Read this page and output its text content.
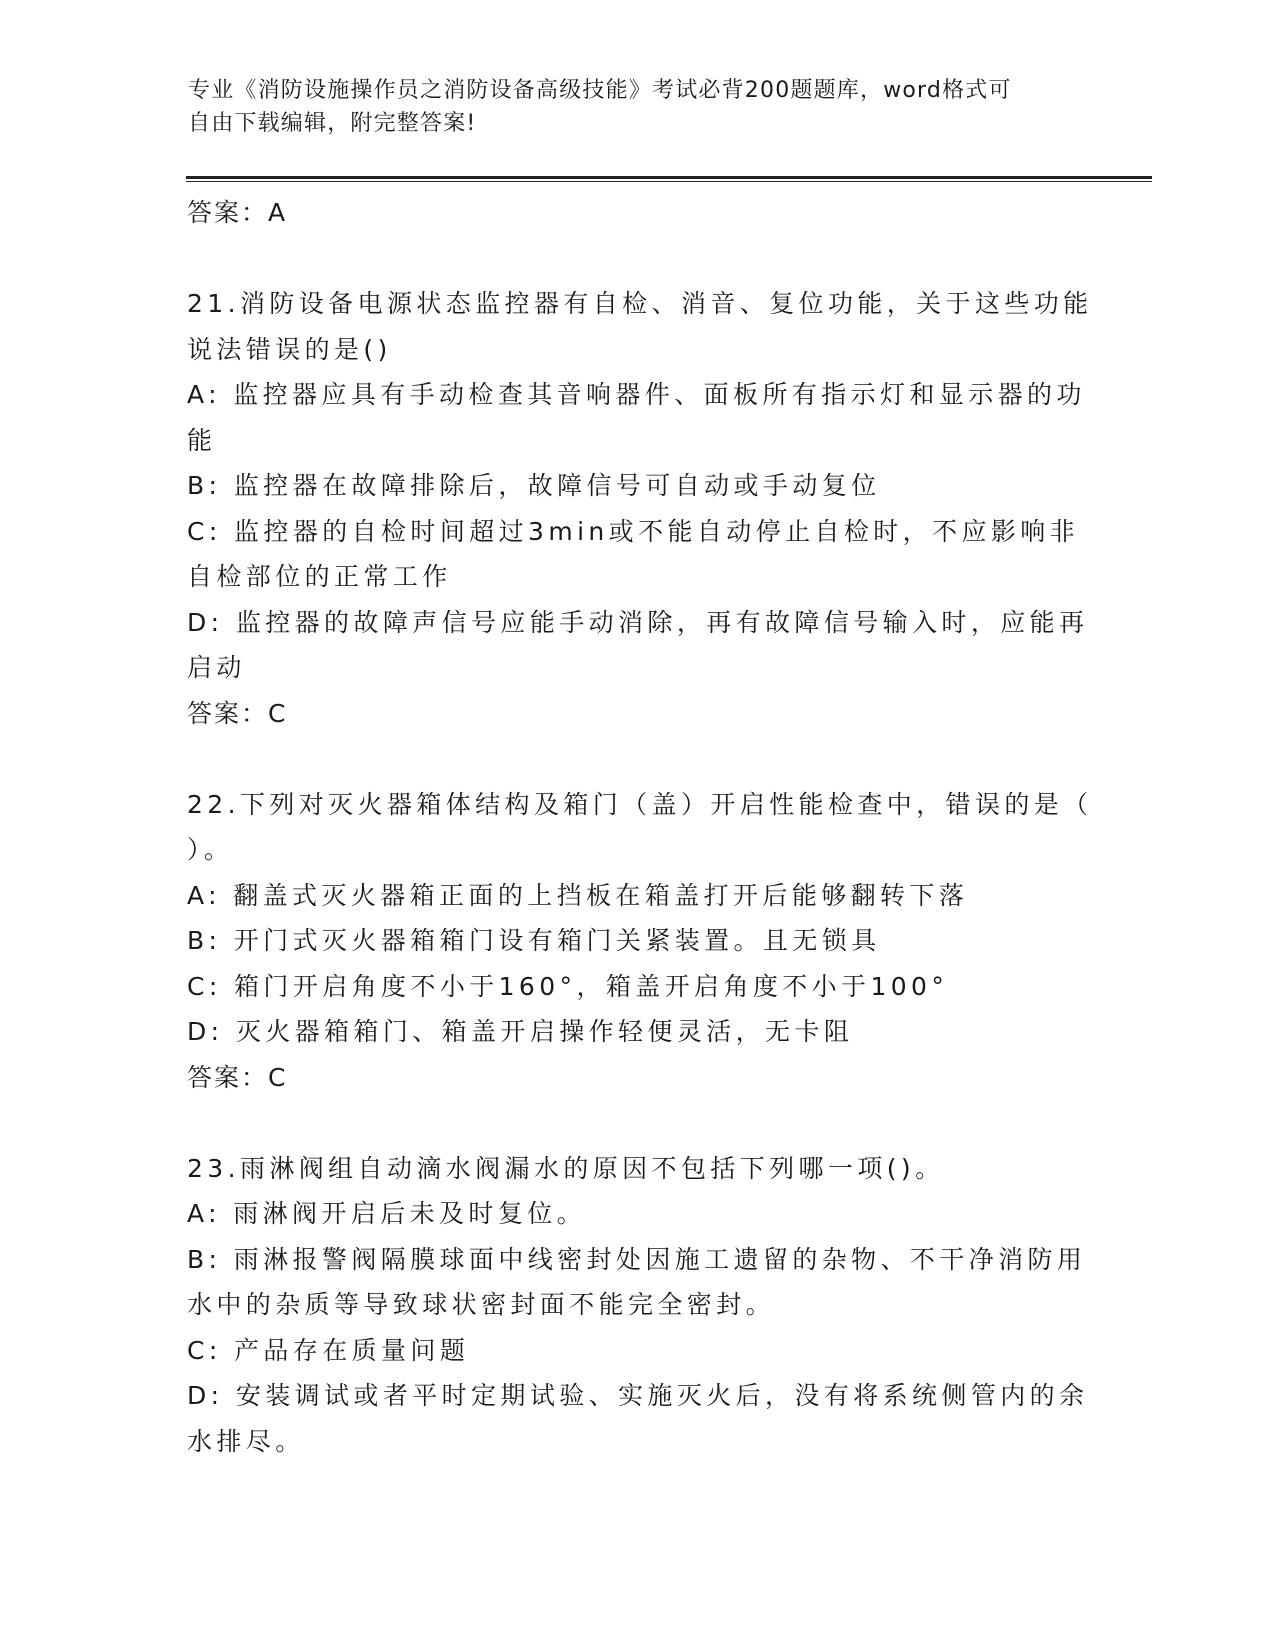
专业《消防设施操作员之消防设备高级技能》考试必背200题题库，word格式可
自由下载编辑，附完整答案!
答案：A
21.消防设备电源状态监控器有自检、消音、复位功能，关于这些功能
说法错误的是()
A: 监控器应具有手动检查其音响器件、面板所有指示灯和显示器的功
能
B: 监控器在故障排除后，故障信号可自动或手动复位
C: 监控器的自检时间超过3min或不能自动停止自检时，不应影响非
自检部位的正常工作
D: 监控器的故障声信号应能手动消除，再有故障信号输入时，应能再
启动
答案：C
22.下列对灭火器箱体结构及箱门（盖）开启性能检查中，错误的是（
）。
A: 翻盖式灭火器箱正面的上挡板在箱盖打开后能够翻转下落
B: 开门式灭火器箱箱门设有箱门关紧装置。且无锁具
C: 箱门开启角度不小于160°，箱盖开启角度不小于100°
D: 灭火器箱箱门、箱盖开启操作轻便灵活，无卡阻
答案：C
23.雨淋阀组自动滴水阀漏水的原因不包括下列哪一项()。
A: 雨淋阀开启后未及时复位。
B: 雨淋报警阀隔膜球面中线密封处因施工遗留的杂物、不干净消防用
水中的杂质等导致球状密封面不能完全密封。
C: 产品存在质量问题
D: 安装调试或者平时定期试验、实施灭火后，没有将系统侧管内的余
水排尽。
